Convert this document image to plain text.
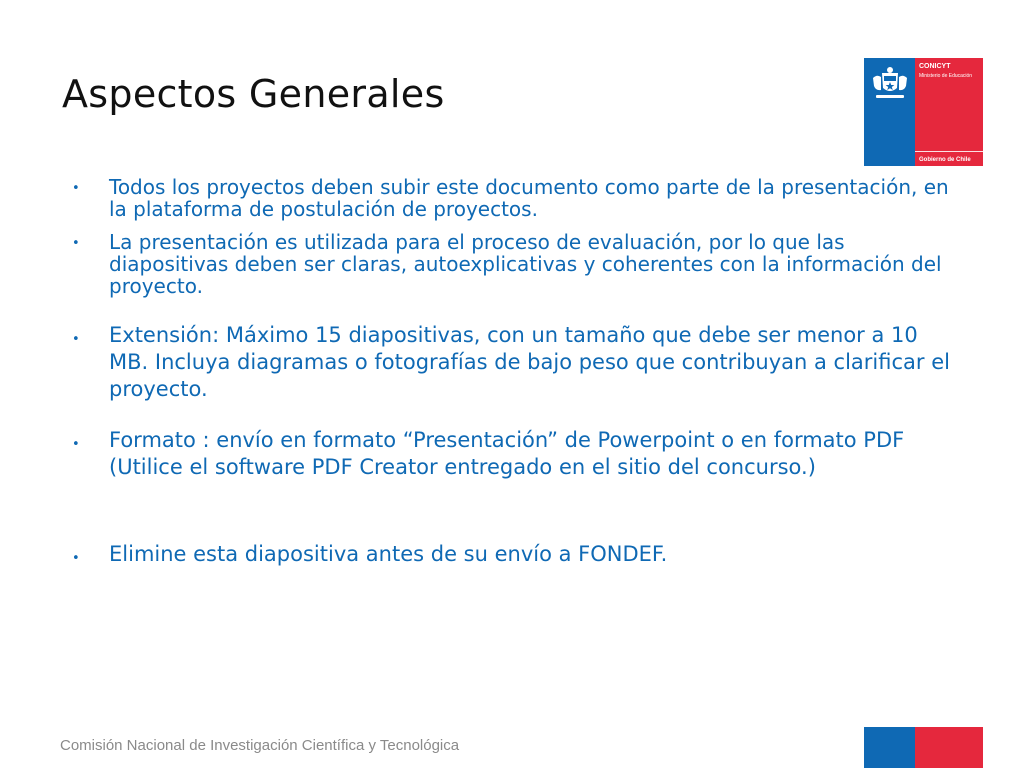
Aspectos Generales
CONICYT
Ministerio de Educación
Gobierno de Chile
• Todos los proyectos deben subir este documento como parte de la presentación, en la plataforma de postulación de proyectos.
• La presentación es utilizada para el proceso de evaluación, por lo que las diapositivas deben ser claras, autoexplicativas y coherentes con la información del proyecto.
• Extensión: Máximo 15 diapositivas, con un tamaño que debe ser menor a 10 MB. Incluya diagramas o fotografías de bajo peso que contribuyan a clarificar el proyecto.
• Formato : envío en formato “Presentación” de Powerpoint o en formato PDF (Utilice el software PDF Creator entregado en el sitio del concurso.)
• Elimine esta diapositiva antes de su envío a FONDEF.
Comisión Nacional de Investigación Científica y Tecnológica
